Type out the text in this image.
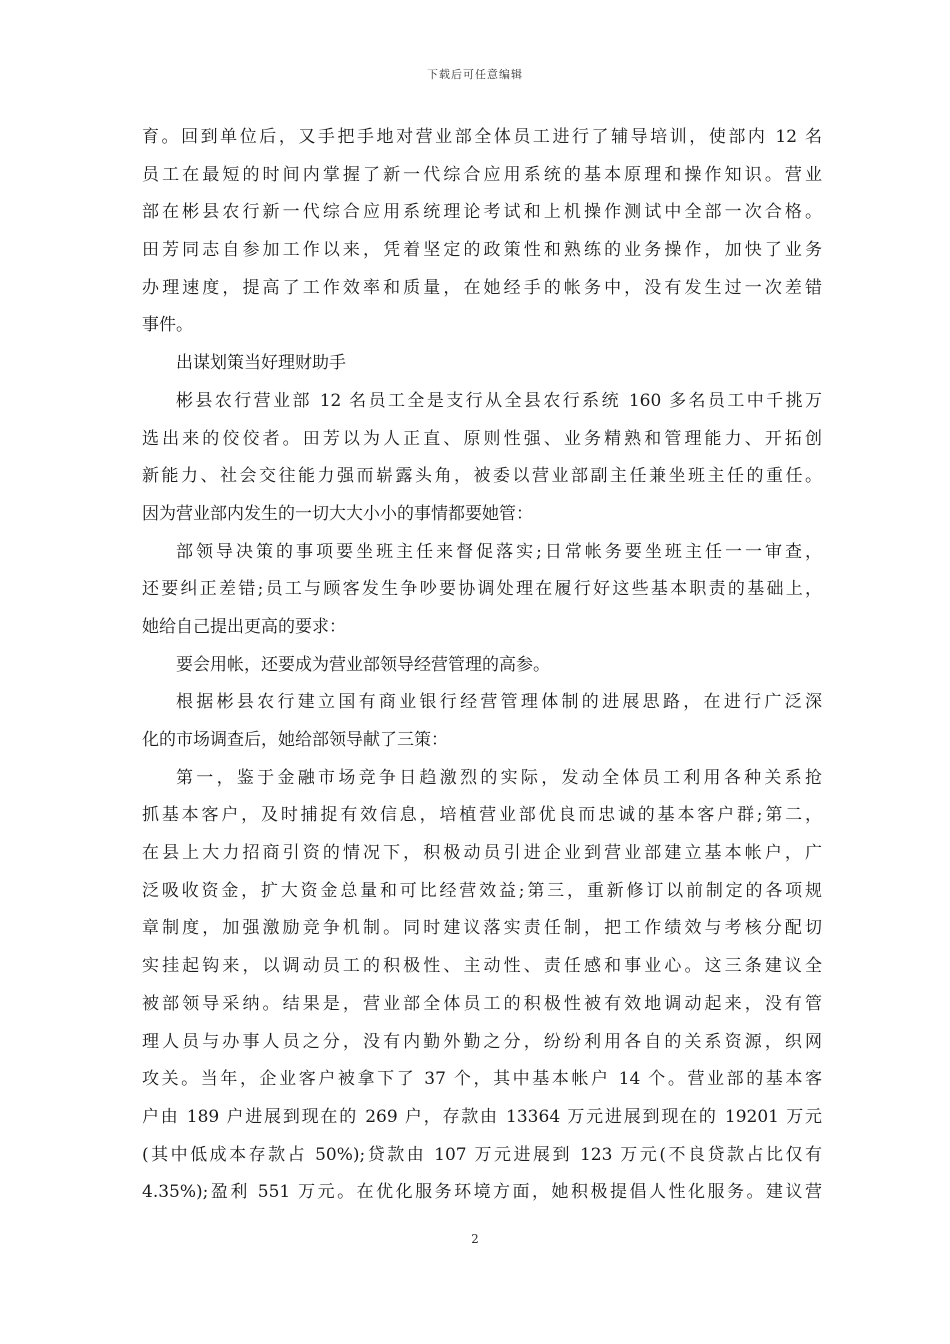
下载后可任意编辑
育。回到单位后，又手把手地对营业部全体员工进行了辅导培训，使部内 12 名
员工在最短的时间内掌握了新一代综合应用系统的基本原理和操作知识。营业
部在彬县农行新一代综合应用系统理论考试和上机操作测试中全部一次合格。
田芳同志自参加工作以来，凭着坚定的政策性和熟练的业务操作，加快了业务
办理速度，提高了工作效率和质量，在她经手的帐务中，没有发生过一次差错
事件。
出谋划策当好理财助手
彬县农行营业部 12 名员工全是支行从全县农行系统 160 多名员工中千挑万
选出来的佼佼者。田芳以为人正直、原则性强、业务精熟和管理能力、开拓创
新能力、社会交往能力强而崭露头角，被委以营业部副主任兼坐班主任的重任。
因为营业部内发生的一切大大小小的事情都要她管：
部领导决策的事项要坐班主任来督促落实;日常帐务要坐班主任一一审查，
还要纠正差错;员工与顾客发生争吵要协调处理在履行好这些基本职责的基础上，
她给自己提出更高的要求：
要会用帐，还要成为营业部领导经营管理的高参。
根据彬县农行建立国有商业银行经营管理体制的进展思路，在进行广泛深
化的市场调查后，她给部领导献了三策：
第一，鉴于金融市场竞争日趋激烈的实际，发动全体员工利用各种关系抢
抓基本客户，及时捕捉有效信息，培植营业部优良而忠诚的基本客户群;第二，
在县上大力招商引资的情况下，积极动员引进企业到营业部建立基本帐户，广
泛吸收资金，扩大资金总量和可比经营效益;第三，重新修订以前制定的各项规
章制度，加强激励竞争机制。同时建议落实责任制，把工作绩效与考核分配切
实挂起钩来，以调动员工的积极性、主动性、责任感和事业心。这三条建议全
被部领导采纳。结果是，营业部全体员工的积极性被有效地调动起来，没有管
理人员与办事人员之分，没有内勤外勤之分，纷纷利用各自的关系资源，织网
攻关。当年，企业客户被拿下了 37 个，其中基本帐户 14 个。营业部的基本客
户由 189 户进展到现在的 269 户，存款由 13364 万元进展到现在的 19201 万元
(其中低成本存款占 50%);贷款由 107 万元进展到 123 万元(不良贷款占比仅有
4.35%);盈利 551 万元。在优化服务环境方面，她积极提倡人性化服务。建议营
2
